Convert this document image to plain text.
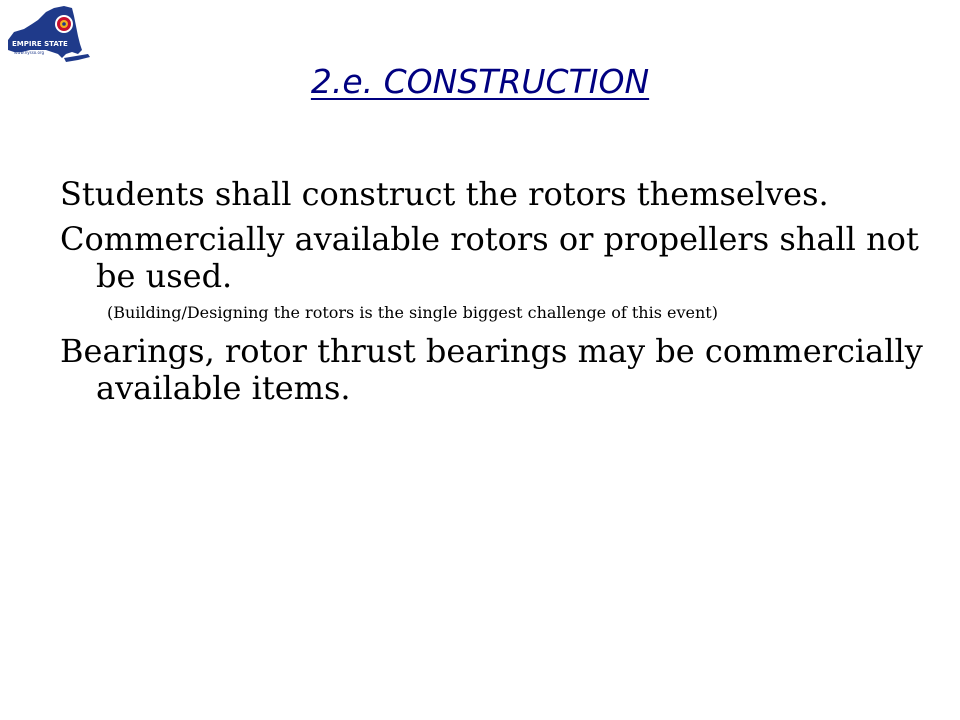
EMPIRE STATE
www.nysso.org
2.e. CONSTRUCTION

Students shall construct the rotors themselves.

Commercially available rotors or propellers shall not be used.

(Building/Designing the rotors is the single biggest challenge of this event)

Bearings, rotor thrust bearings may be commercially available items.
